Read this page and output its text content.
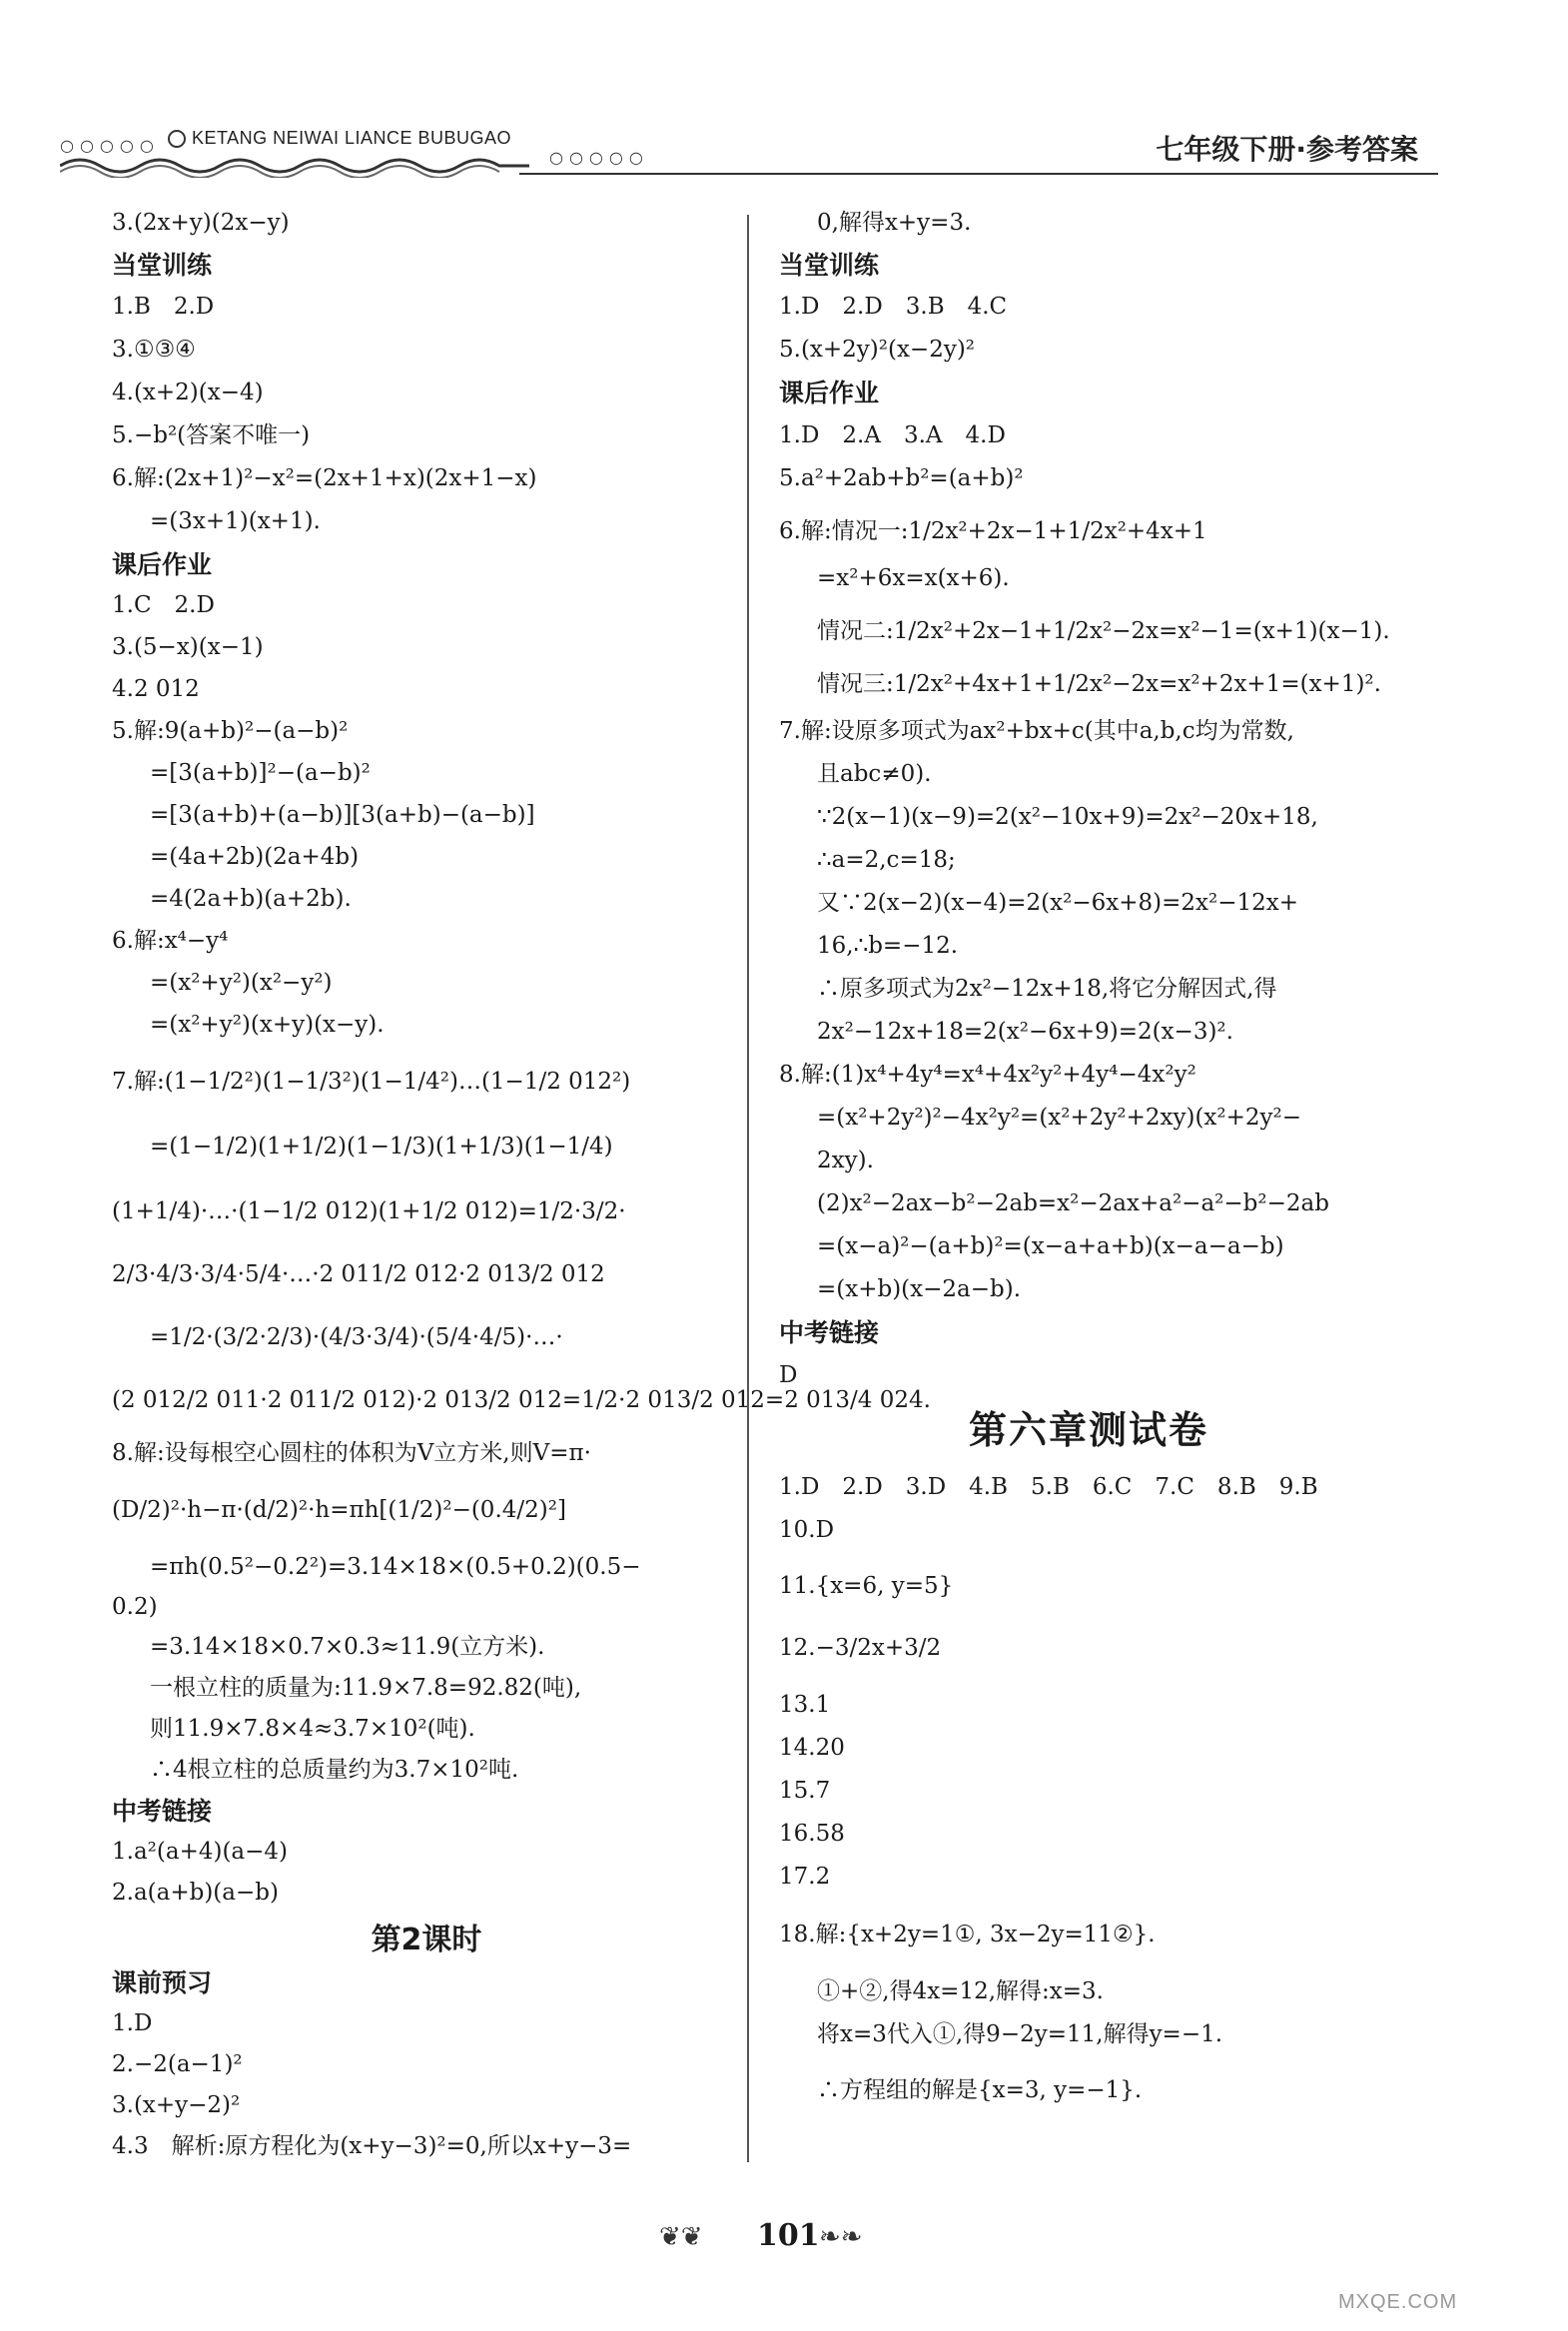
○○○○○	KETANG NEIWAI LIANCE BUBUGAO
○○○○○	七年级下册·参考答案
3.(2x+y)(2x−y)
当堂训练
1.B　2.D
3.①③④
4.(x+2)(x−4)
5.−b²(答案不唯一)
6.解:(2x+1)²−x²=(2x+1+x)(2x+1−x)
=(3x+1)(x+1).
课后作业
1.C　2.D
3.(5−x)(x−1)
4.2 012
5.解:9(a+b)²−(a−b)²
=[3(a+b)]²−(a−b)²
=[3(a+b)+(a−b)][3(a+b)−(a−b)]
=(4a+2b)(2a+4b)
=4(2a+b)(a+2b).
6.解:x⁴−y⁴
=(x²+y²)(x²−y²)
=(x²+y²)(x+y)(x−y).
7.解:(1−1/2²)(1−1/3²)(1−1/4²)…(1−1/2 012²)
=(1−1/2)(1+1/2)(1−1/3)(1+1/3)(1−1/4)
(1+1/4)·…·(1−1/2 012)(1+1/2 012)=1/2·3/2·
2/3·4/3·3/4·5/4·…·2 011/2 012·2 013/2 012
=1/2·(3/2·2/3)·(4/3·3/4)·(5/4·4/5)·…·
(2 012/2 011·2 011/2 012)·2 013/2 012=1/2·2 013/2 012=2 013/4 024.
8.解:设每根空心圆柱的体积为V立方米,则V=π·
(D/2)²·h−π·(d/2)²·h=πh[(1/2)²−(0.4/2)²]
=πh(0.5²−0.2²)=3.14×18×(0.5+0.2)(0.5−
0.2)
=3.14×18×0.7×0.3≈11.9(立方米).
一根立柱的质量为:11.9×7.8=92.82(吨),
则11.9×7.8×4≈3.7×10²(吨).
∴4根立柱的总质量约为3.7×10²吨.
中考链接
1.a²(a+4)(a−4)
2.a(a+b)(a−b)
第2课时
课前预习
1.D
2.−2(a−1)²
3.(x+y−2)²
4.3　解析:原方程化为(x+y−3)²=0,所以x+y−3=
0,解得x+y=3.
当堂训练
1.D　2.D　3.B　4.C
5.(x+2y)²(x−2y)²
课后作业
1.D　2.A　3.A　4.D
5.a²+2ab+b²=(a+b)²
6.解:情况一:1/2x²+2x−1+1/2x²+4x+1
=x²+6x=x(x+6).
情况二:1/2x²+2x−1+1/2x²−2x=x²−1=(x+1)(x−1).
情况三:1/2x²+4x+1+1/2x²−2x=x²+2x+1=(x+1)².
7.解:设原多项式为ax²+bx+c(其中a,b,c均为常数,
且abc≠0).
∵2(x−1)(x−9)=2(x²−10x+9)=2x²−20x+18,
∴a=2,c=18;
又∵2(x−2)(x−4)=2(x²−6x+8)=2x²−12x+
16,∴b=−12.
∴原多项式为2x²−12x+18,将它分解因式,得
2x²−12x+18=2(x²−6x+9)=2(x−3)².
8.解:(1)x⁴+4y⁴=x⁴+4x²y²+4y⁴−4x²y²
=(x²+2y²)²−4x²y²=(x²+2y²+2xy)(x²+2y²−
2xy).
(2)x²−2ax−b²−2ab=x²−2ax+a²−a²−b²−2ab
=(x−a)²−(a+b)²=(x−a+a+b)(x−a−a−b)
=(x+b)(x−2a−b).
中考链接
D
第六章测试卷
1.D　2.D　3.D　4.B　5.B　6.C　7.C　8.B　9.B
10.D
11.{x=6, y=5}
12.−3/2x+3/2
13.1
14.20
15.7
16.58
17.2
18.解:{x+2y=1①, 3x−2y=11②}.
①+②,得4x=12,解得:x=3.
将x=3代入①,得9−2y=11,解得y=−1.
∴方程组的解是{x=3, y=−1}.
❦❦ 101 ❧❧
MXQE.COM
